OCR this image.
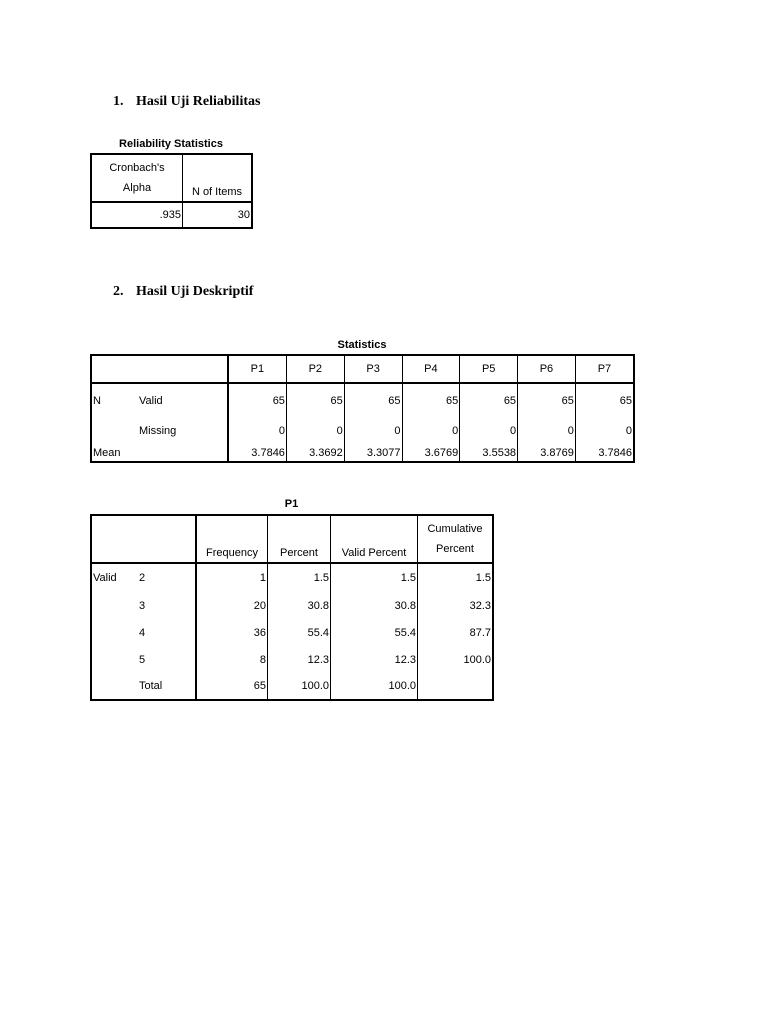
1. Hasil Uji Reliabilitas
Reliability Statistics
Cronbach's
Alpha	N of Items
.935	30
2. Hasil Uji Deskriptif
Statistics
		P1	P2	P3	P4	P5	P6	P7
N	Valid	65	65	65	65	65	65	65
	Missing	0	0	0	0	0	0	0
Mean		3.7846	3.3692	3.3077	3.6769	3.5538	3.8769	3.7846
P1
		Frequency	Percent	Valid Percent	Cumulative
Percent

Valid	2	1	1.5	1.5	1.5
	3	20	30.8	30.8	32.3
	4	36	55.4	55.4	87.7
	5	8	12.3	12.3	100.0
	Total	65	100.0	100.0	
